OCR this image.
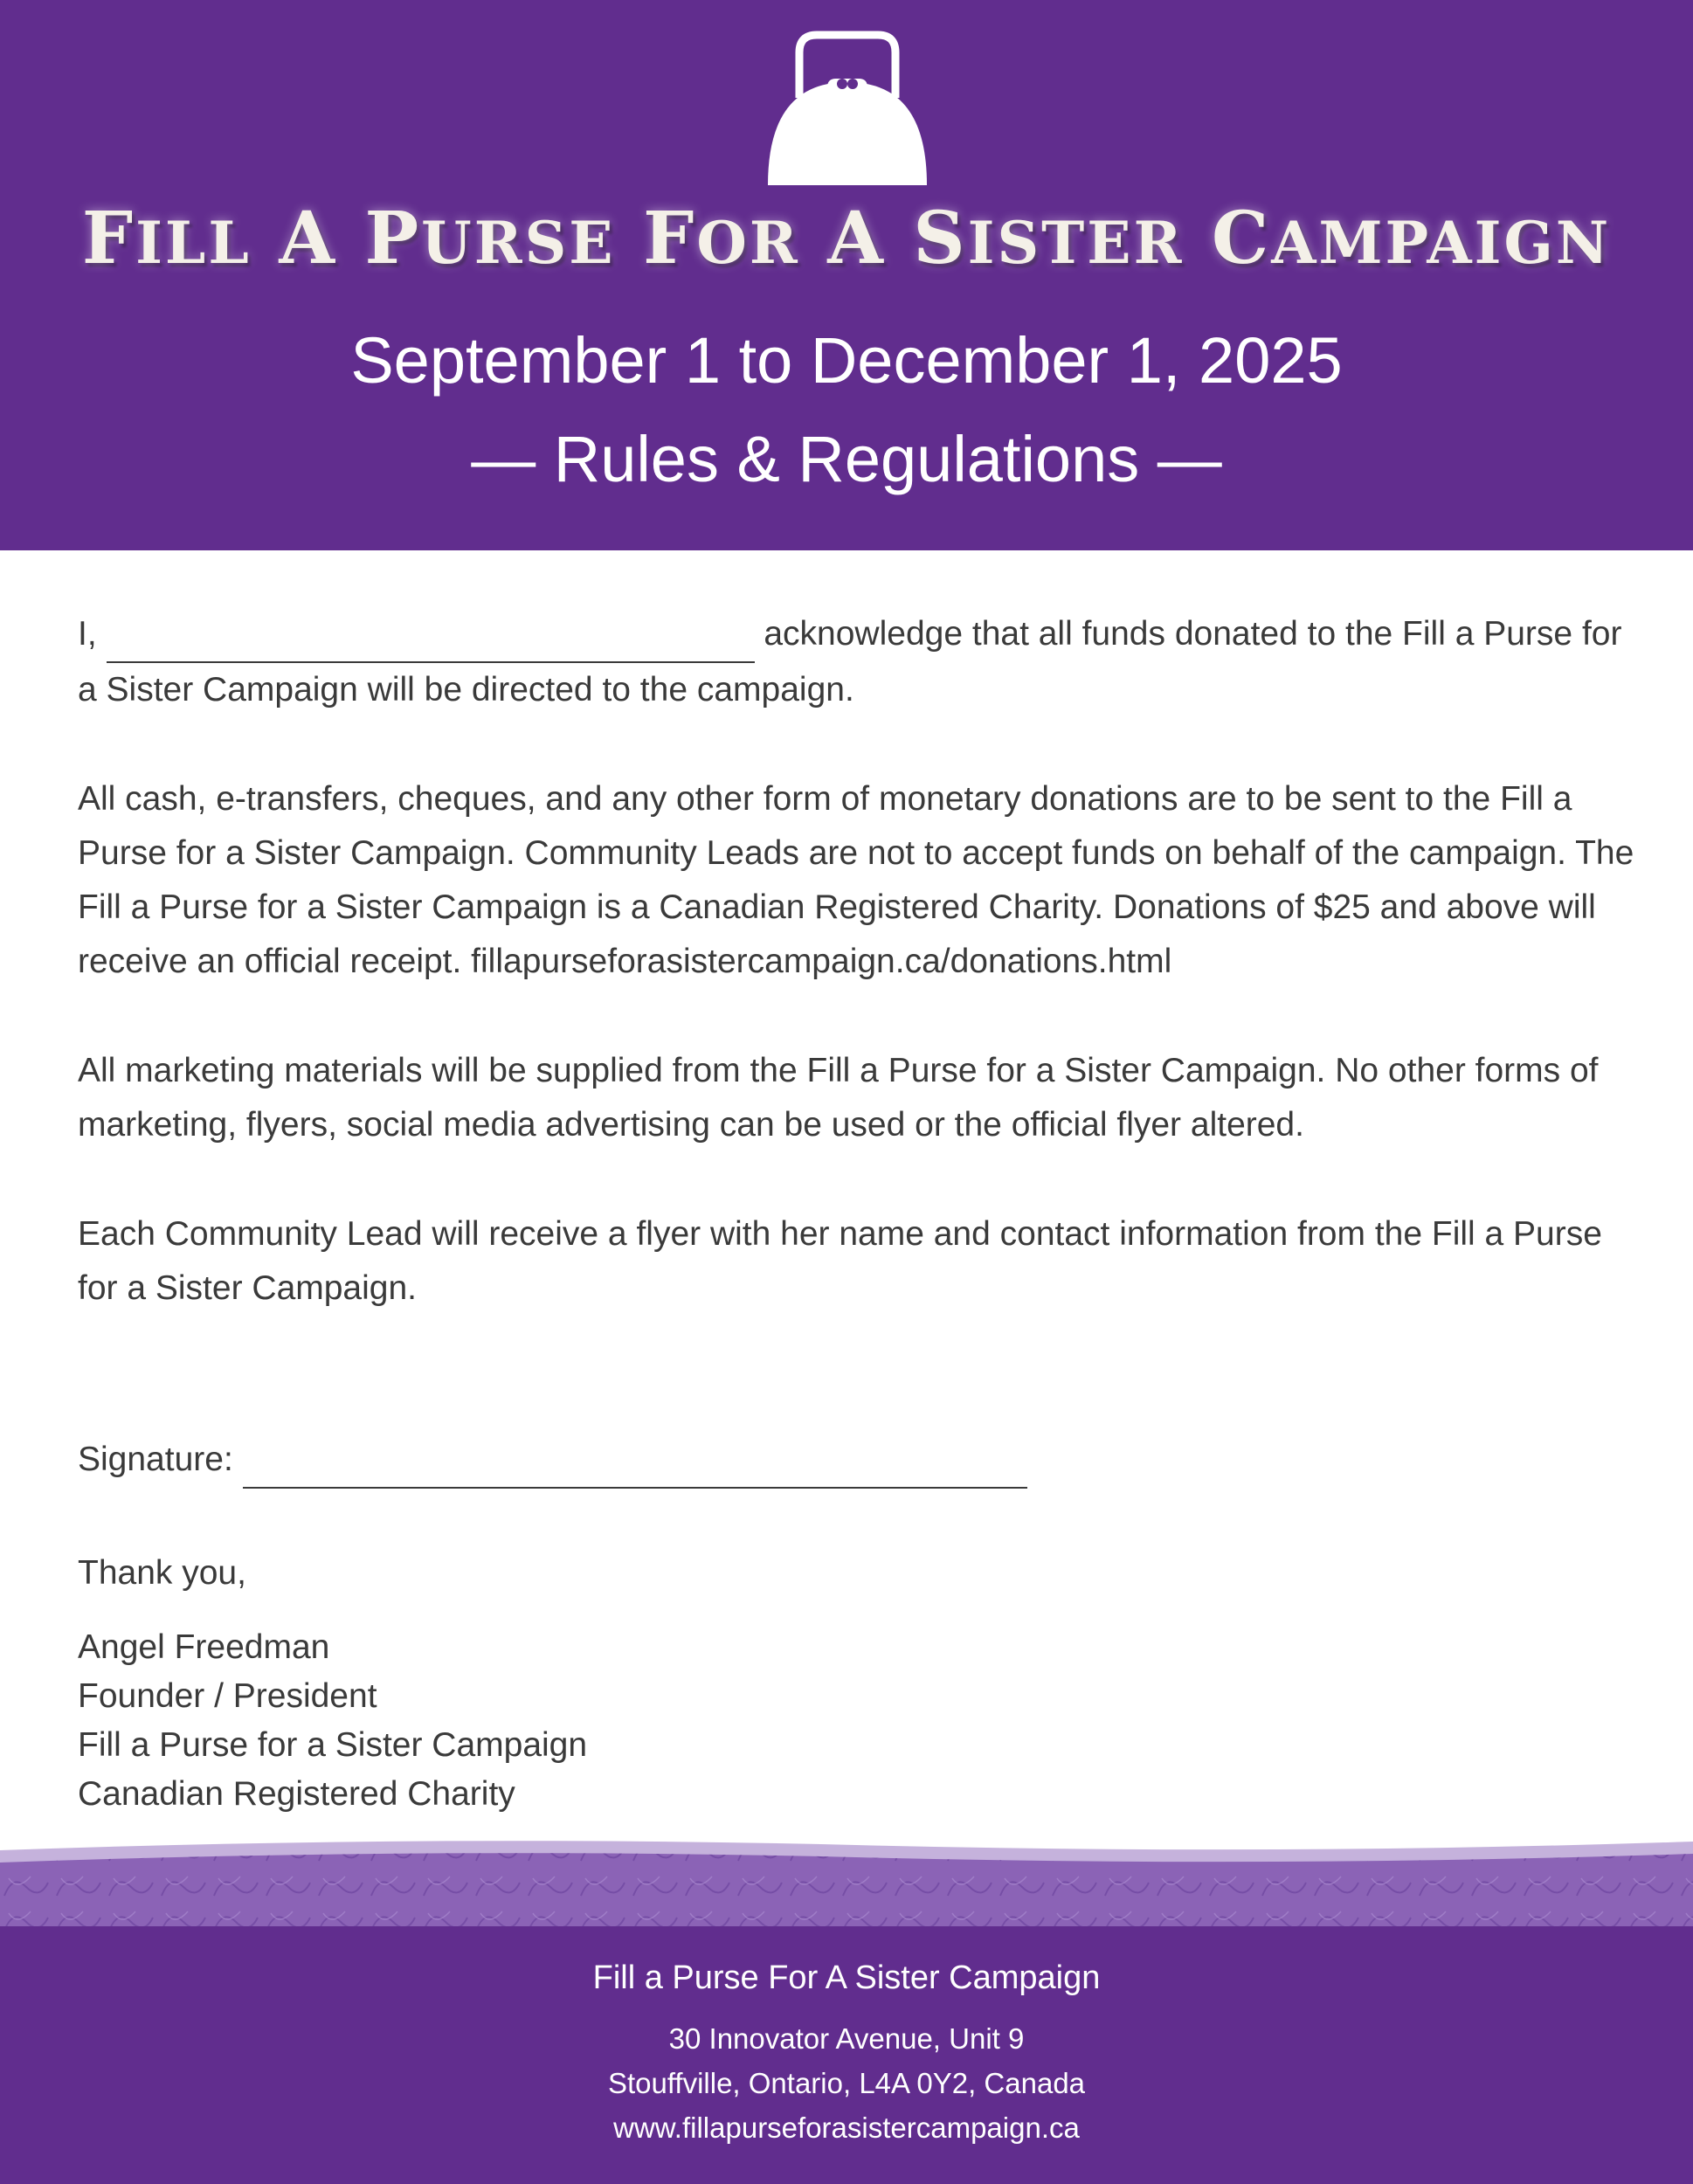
FILL A PURSE FOR A SISTER CAMPAIGN
September 1 to December 1, 2025
— Rules & Regulations —

I,	acknowledge that all funds donated to the Fill a Purse for a Sister Campaign will be directed to the campaign.

All cash, e-transfers, cheques, and any other form of monetary donations are to be sent to the Fill a Purse for a Sister Campaign. Community Leads are not to accept funds on behalf of the campaign. The Fill a Purse for a Sister Campaign is a Canadian Registered Charity. Donations of $25 and above will receive an official receipt. fillapurseforasistercampaign.ca/donations.html

All marketing materials will be supplied from the Fill a Purse for a Sister Campaign. No other forms of marketing, flyers, social media advertising can be used or the official flyer altered.

Each Community Lead will receive a flyer with her name and contact information from the Fill a Purse for a Sister Campaign.

Signature:
Thank you,
Angel Freedman
Founder / President
Fill a Purse for a Sister Campaign
Canadian Registered Charity
Fill a Purse For A Sister Campaign
30 Innovator Avenue, Unit 9
Stouffville, Ontario, L4A 0Y2, Canada
www.fillapurseforasistercampaign.ca
